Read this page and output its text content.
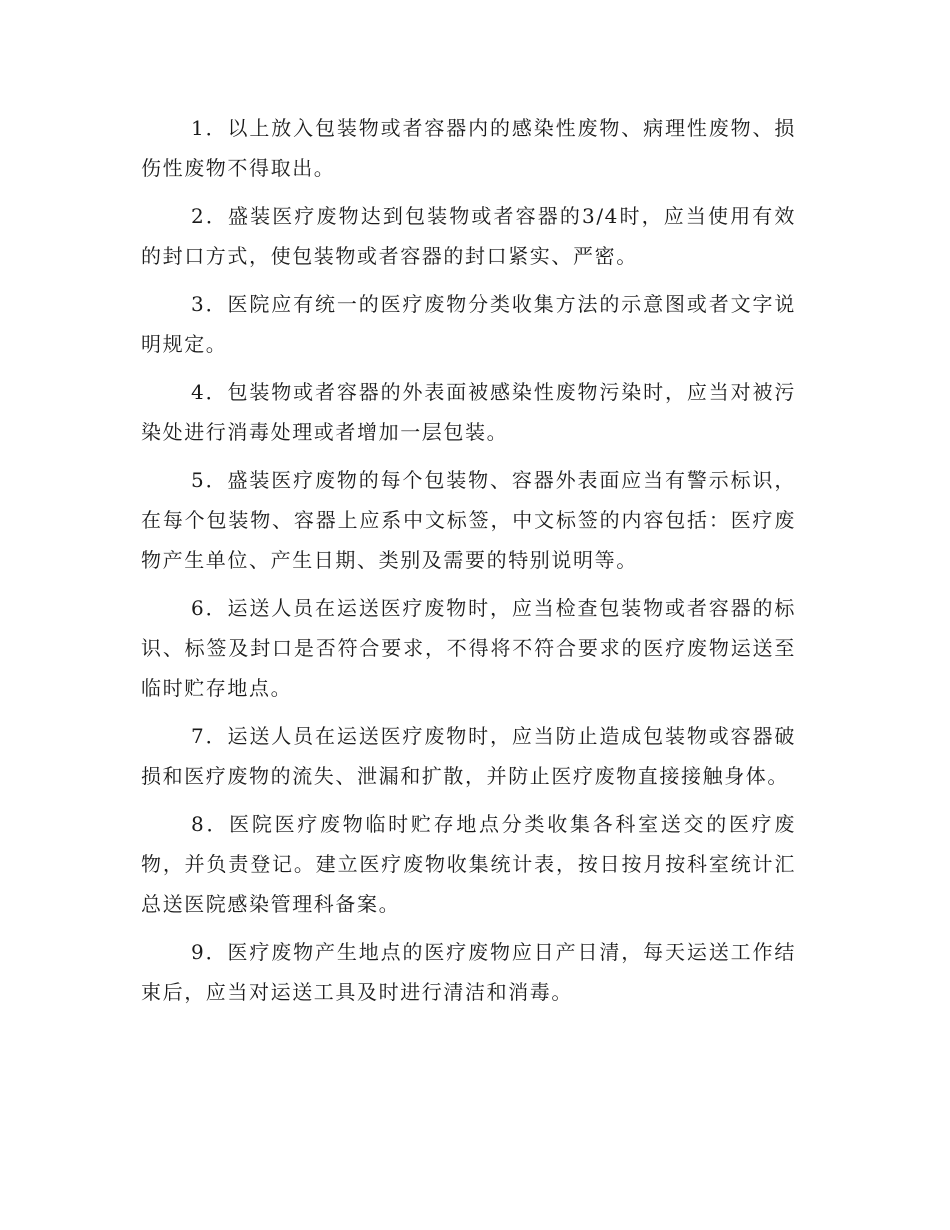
1．以上放入包装物或者容器内的感染性废物、病理性废物、损伤性废物不得取出。

2．盛装医疗废物达到包装物或者容器的3/4时，应当使用有效的封口方式，使包装物或者容器的封口紧实、严密。

3．医院应有统一的医疗废物分类收集方法的示意图或者文字说明规定。

4．包装物或者容器的外表面被感染性废物污染时，应当对被污染处进行消毒处理或者增加一层包装。

5．盛装医疗废物的每个包装物、容器外表面应当有警示标识，在每个包装物、容器上应系中文标签，中文标签的内容包括：医疗废物产生单位、产生日期、类别及需要的特别说明等。

6．运送人员在运送医疗废物时，应当检查包装物或者容器的标识、标签及封口是否符合要求，不得将不符合要求的医疗废物运送至临时贮存地点。

7．运送人员在运送医疗废物时，应当防止造成包装物或容器破损和医疗废物的流失、泄漏和扩散，并防止医疗废物直接接触身体。

8．医院医疗废物临时贮存地点分类收集各科室送交的医疗废物，并负责登记。建立医疗废物收集统计表，按日按月按科室统计汇总送医院感染管理科备案。

9．医疗废物产生地点的医疗废物应日产日清，每天运送工作结束后，应当对运送工具及时进行清洁和消毒。
